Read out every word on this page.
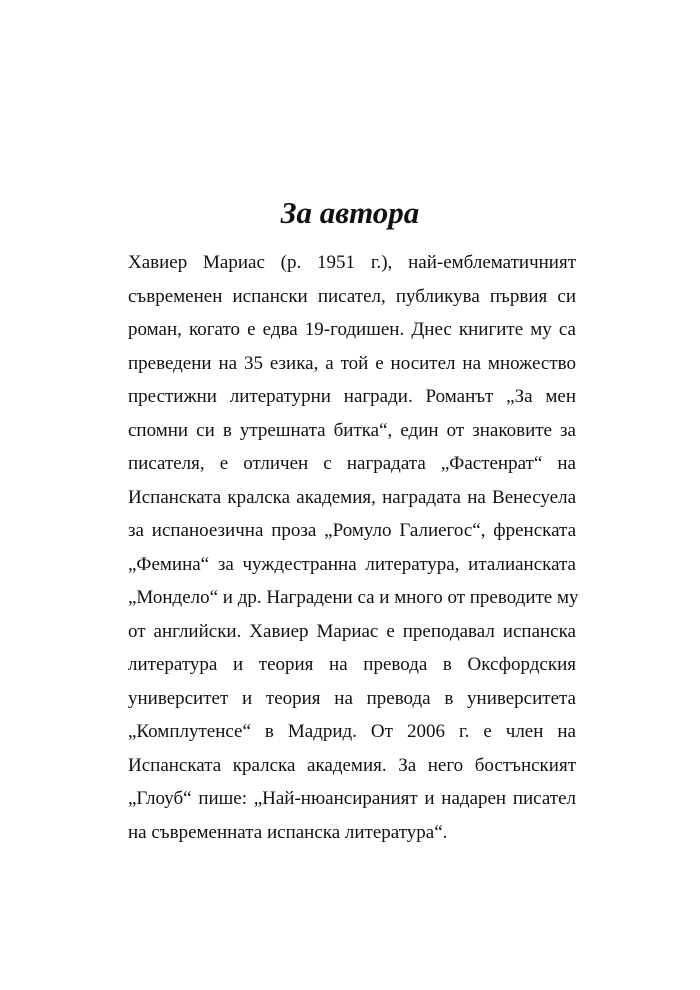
За автора
Хавиер Мариас (р. 1951 г.), най-емблематичният
съвременен испански писател, публикува първия си
роман, когато е едва 19-годишен. Днес книгите му са
преведени на 35 езика, а той е носител на множество
престижни литературни награди. Романът „За мен
спомни си в утрешната битка“, един от знаковите за
писателя, е отличен с наградата „Фастенрат“ на
Испанската кралска академия, наградата на Венесуела
за испаноезична проза „Ромуло Галиегос“, френската
„Фемина“ за чуждестранна литература, италианската
„Монделo“ и др. Наградени са и много от преводите му
от английски. Хавиер Мариас е преподавал испанска
литература и теория на превода в Оксфордския
университет и теория на превода в университета
„Комплутенсе“ в Мадрид. От 2006 г. е член на
Испанската кралска академия. За него бостънският
„Глоуб“ пише: „Най-нюансираният и надарен писател
на съвременната испанска литература“.
